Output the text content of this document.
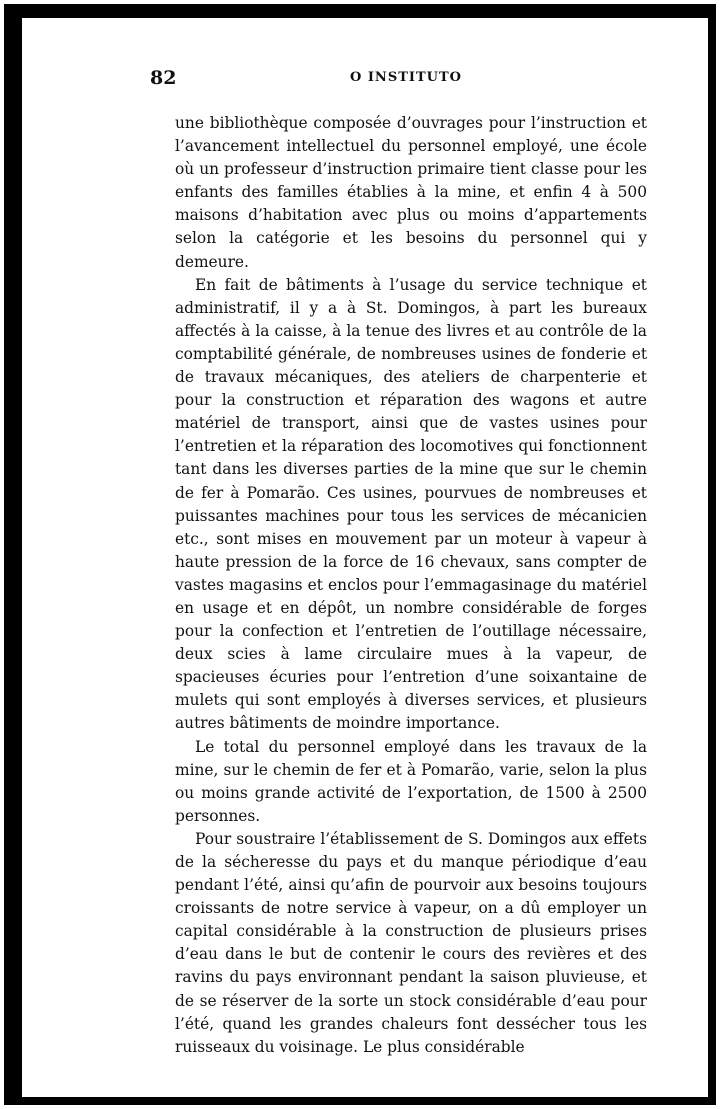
82	O INSTITUTO

une bibliothèque composée d’ouvrages pour l’instruction et l’avancement intellectuel du personnel employé, une école où un professeur d’instruction primaire tient classe pour les enfants des familles établies à la mine, et enfin 4 à 500 maisons d’habitation avec plus ou moins d’appartements selon la catégorie et les besoins du personnel qui y demeure.

En fait de bâtiments à l’usage du service technique et administratif, il y a à St. Domingos, à part les bureaux affectés à la caisse, à la tenue des livres et au contrôle de la comptabilité générale, de nombreuses usines de fonderie et de travaux mécaniques, des ateliers de charpenterie et pour la construction et réparation des wagons et autre matériel de transport, ainsi que de vastes usines pour l’entretien et la réparation des locomotives qui fonctionnent tant dans les diverses parties de la mine que sur le chemin de fer à Pomarão. Ces usines, pourvues de nombreuses et puissantes machines pour tous les services de mécanicien etc., sont mises en mouvement par un moteur à vapeur à haute pression de la force de 16 chevaux, sans compter de vastes magasins et enclos pour l’emmagasinage du matériel en usage et en dépôt, un nombre considérable de forges pour la confection et l’entretien de l’outillage nécessaire, deux scies à lame circulaire mues à la vapeur, de spacieuses écuries pour l’entretion d’une soixantaine de mulets qui sont employés à diverses services, et plusieurs autres bâtiments de moindre importance.

Le total du personnel employé dans les travaux de la mine, sur le chemin de fer et à Pomarão, varie, selon la plus ou moins grande activité de l’exportation, de 1500 à 2500 personnes.

Pour soustraire l’établissement de S. Domingos aux effets de la sécheresse du pays et du manque périodique d’eau pendant l’été, ainsi qu’afin de pourvoir aux besoins toujours croissants de notre service à vapeur, on a dû employer un capital considérable à la construction de plusieurs prises d’eau dans le but de contenir le cours des revières et des ravins du pays environnant pendant la saison pluvieuse, et de se réserver de la sorte un stock considérable d’eau pour l’été, quand les grandes chaleurs font dessécher tous les ruisseaux du voisinage. Le plus considérable
